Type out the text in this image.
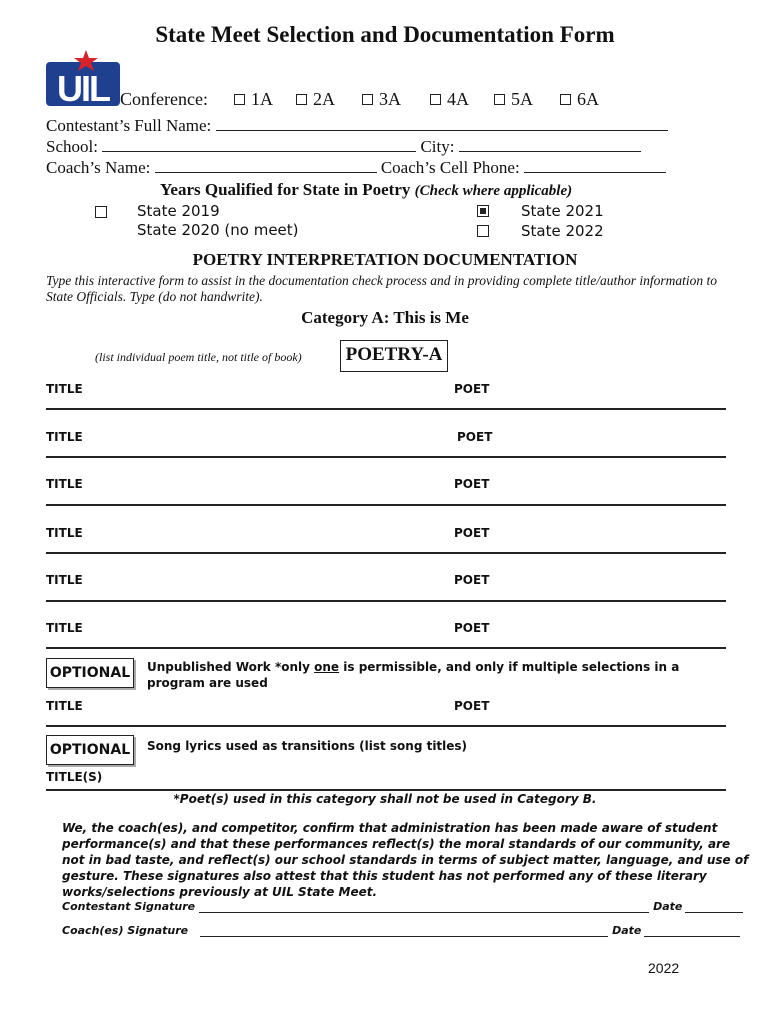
State Meet Selection and Documentation Form
UIL Conference: 1A 2A 3A	4A 5A 6A
Contestant’s Full Name:
School:	City:
Coach’s Name:	Coach’s Cell Phone:
Years Qualified for State in Poetry (Check where applicable)
State 2019
State 2020 (no meet)
State 2021
State 2022
POETRY INTERPRETATION DOCUMENTATION
Type this interactive form to assist in the documentation check process and in providing complete title/author information to State Officials. Type (do not handwrite).
Category A: This is Me
(list individual poem title, not title of book) POETRY-A
TITLE	POET
TITLE	POET
TITLE	POET
TITLE	POET
TITLE	POET
TITLE	POET
OPTIONAL	Unpublished Work *only one is permissible, and only if multiple selections in a program are used
TITLE	POET
OPTIONAL	Song lyrics used as transitions (list song titles)
TITLE(S)
*Poet(s) used in this category shall not be used in Category B.
We, the coach(es), and competitor, confirm that administration has been made aware of student performance(s) and that these performances reflect(s) the moral standards of our community, are not in bad taste, and reflect(s) our school standards in terms of subject matter, language, and use of gesture. These signatures also attest that this student has not performed any of these literary works/selections previously at UIL State Meet.
Contestant Signature	Date
Coach(es) Signature	Date
2022
